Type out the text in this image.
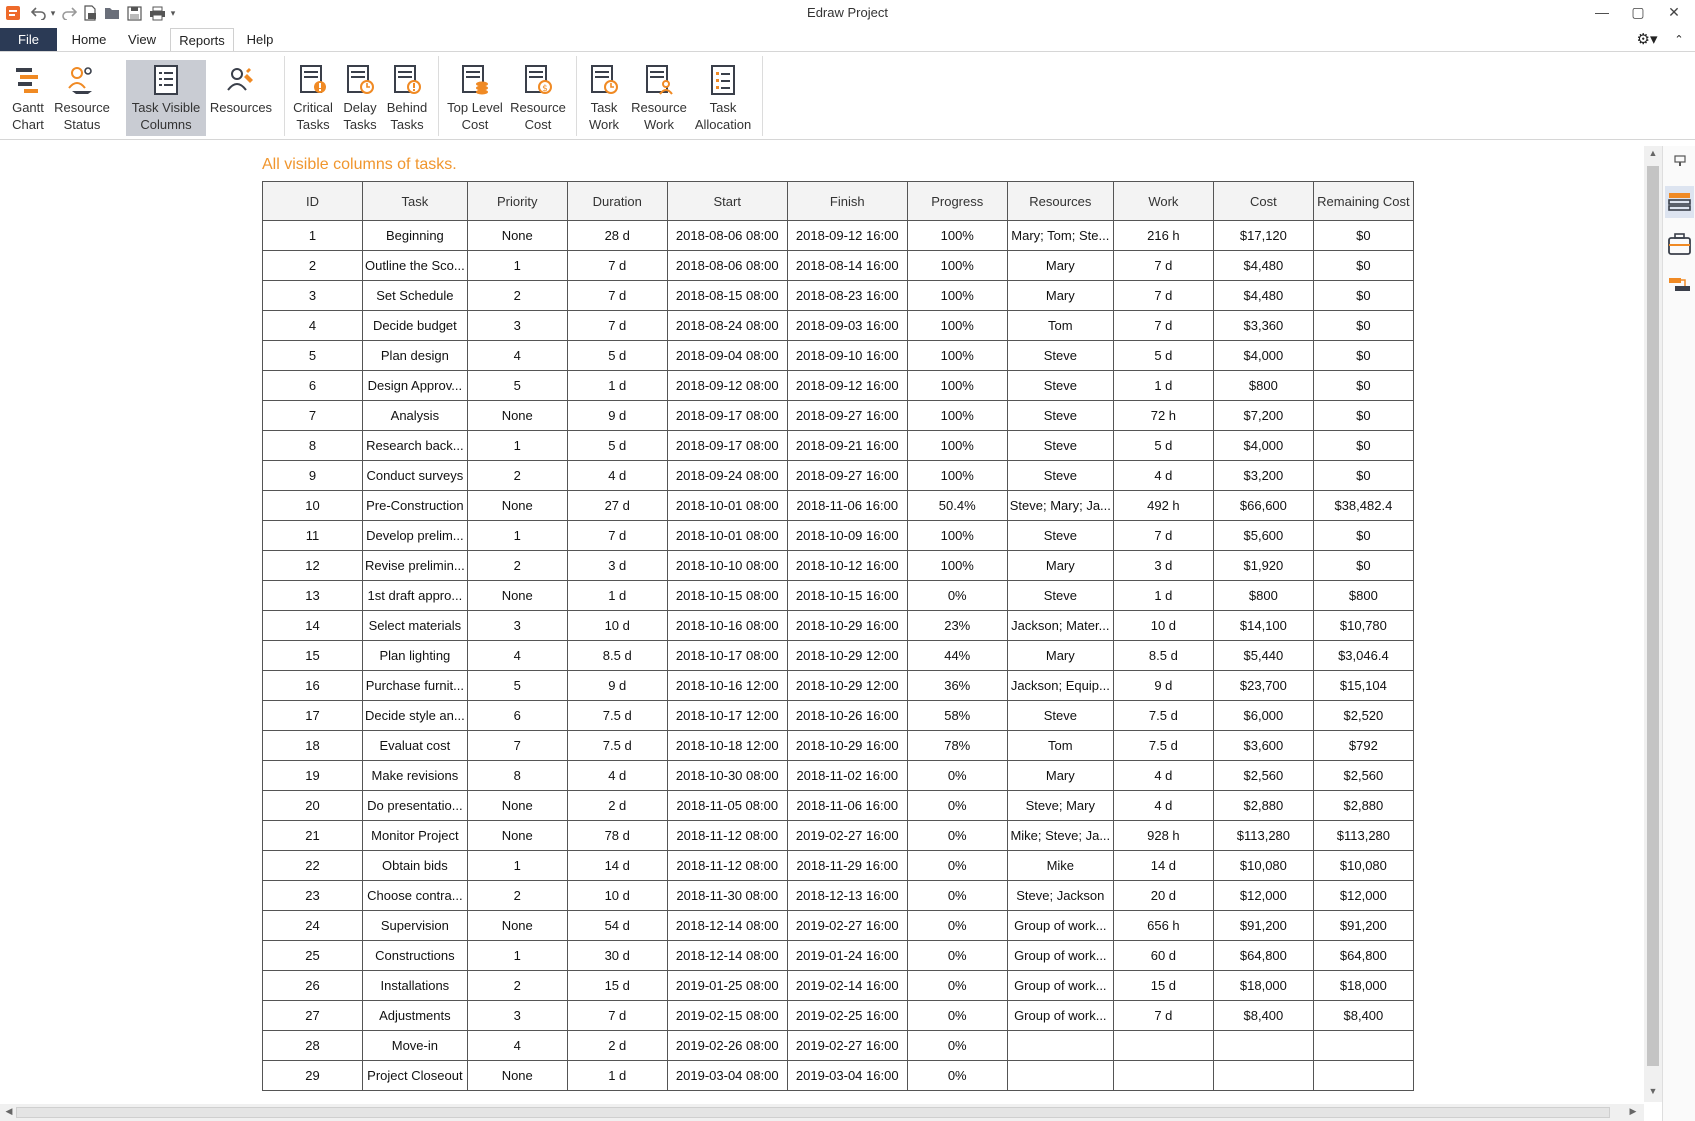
▾	▾	Edraw Project	—	▢	✕
File	Home	View	Reports	Help	⚙▾	⌃
Gantt
Chart
Resource
Status
Task Visible
Columns
Resources Critical
Tasks
Delay
Tasks
Behind
Tasks
Top Level
Cost
$
Resource
Cost
Task
Work
Resource
Work
Task
Allocation
All visible columns of tasks.
ID	Task	Priority	Duration	Start	Finish	Progress	Resources	Work	Cost	Remaining Cost
1	Beginning	None	28 d	2018-08-06 08:00	2018-09-12 16:00	100%	Mary; Tom; Ste...	216 h	$17,120	$0
2	Outline the Sco...	1	7 d	2018-08-06 08:00	2018-08-14 16:00	100%	Mary	7 d	$4,480	$0
3	Set Schedule	2	7 d	2018-08-15 08:00	2018-08-23 16:00	100%	Mary	7 d	$4,480	$0
4	Decide budget	3	7 d	2018-08-24 08:00	2018-09-03 16:00	100%	Tom	7 d	$3,360	$0
5	Plan design	4	5 d	2018-09-04 08:00	2018-09-10 16:00	100%	Steve	5 d	$4,000	$0
6	Design Approv...	5	1 d	2018-09-12 08:00	2018-09-12 16:00	100%	Steve	1 d	$800	$0
7	Analysis	None	9 d	2018-09-17 08:00	2018-09-27 16:00	100%	Steve	72 h	$7,200	$0
8	Research back...	1	5 d	2018-09-17 08:00	2018-09-21 16:00	100%	Steve	5 d	$4,000	$0
9	Conduct surveys	2	4 d	2018-09-24 08:00	2018-09-27 16:00	100%	Steve	4 d	$3,200	$0
10	Pre-Construction	None	27 d	2018-10-01 08:00	2018-11-06 16:00	50.4%	Steve; Mary; Ja...	492 h	$66,600	$38,482.4
11	Develop prelim...	1	7 d	2018-10-01 08:00	2018-10-09 16:00	100%	Steve	7 d	$5,600	$0
12	Revise prelimin...	2	3 d	2018-10-10 08:00	2018-10-12 16:00	100%	Mary	3 d	$1,920	$0
13	1st draft appro...	None	1 d	2018-10-15 08:00	2018-10-15 16:00	0%	Steve	1 d	$800	$800
14	Select materials	3	10 d	2018-10-16 08:00	2018-10-29 16:00	23%	Jackson; Mater...	10 d	$14,100	$10,780
15	Plan lighting	4	8.5 d	2018-10-17 08:00	2018-10-29 12:00	44%	Mary	8.5 d	$5,440	$3,046.4
16	Purchase furnit...	5	9 d	2018-10-16 12:00	2018-10-29 12:00	36%	Jackson; Equip...	9 d	$23,700	$15,104
17	Decide style an...	6	7.5 d	2018-10-17 12:00	2018-10-26 16:00	58%	Steve	7.5 d	$6,000	$2,520
18	Evaluat cost	7	7.5 d	2018-10-18 12:00	2018-10-29 16:00	78%	Tom	7.5 d	$3,600	$792
19	Make revisions	8	4 d	2018-10-30 08:00	2018-11-02 16:00	0%	Mary	4 d	$2,560	$2,560
20	Do presentatio...	None	2 d	2018-11-05 08:00	2018-11-06 16:00	0%	Steve; Mary	4 d	$2,880	$2,880
21	Monitor Project	None	78 d	2018-11-12 08:00	2019-02-27 16:00	0%	Mike; Steve; Ja...	928 h	$113,280	$113,280
22	Obtain bids	1	14 d	2018-11-12 08:00	2018-11-29 16:00	0%	Mike	14 d	$10,080	$10,080
23	Choose contra...	2	10 d	2018-11-30 08:00	2018-12-13 16:00	0%	Steve; Jackson	20 d	$12,000	$12,000
24	Supervision	None	54 d	2018-12-14 08:00	2019-02-27 16:00	0%	Group of work...	656 h	$91,200	$91,200
25	Constructions	1	30 d	2018-12-14 08:00	2019-01-24 16:00	0%	Group of work...	60 d	$64,800	$64,800
26	Installations	2	15 d	2019-01-25 08:00	2019-02-14 16:00	0%	Group of work...	15 d	$18,000	$18,000
27	Adjustments	3	7 d	2019-02-15 08:00	2019-02-25 16:00	0%	Group of work...	7 d	$8,400	$8,400
28	Move-in	4	2 d	2019-02-26 08:00	2019-02-27 16:00	0%				
29	Project Closeout	None	1 d	2019-03-04 08:00	2019-03-04 16:00	0%				
▲
▼
◀	▶
